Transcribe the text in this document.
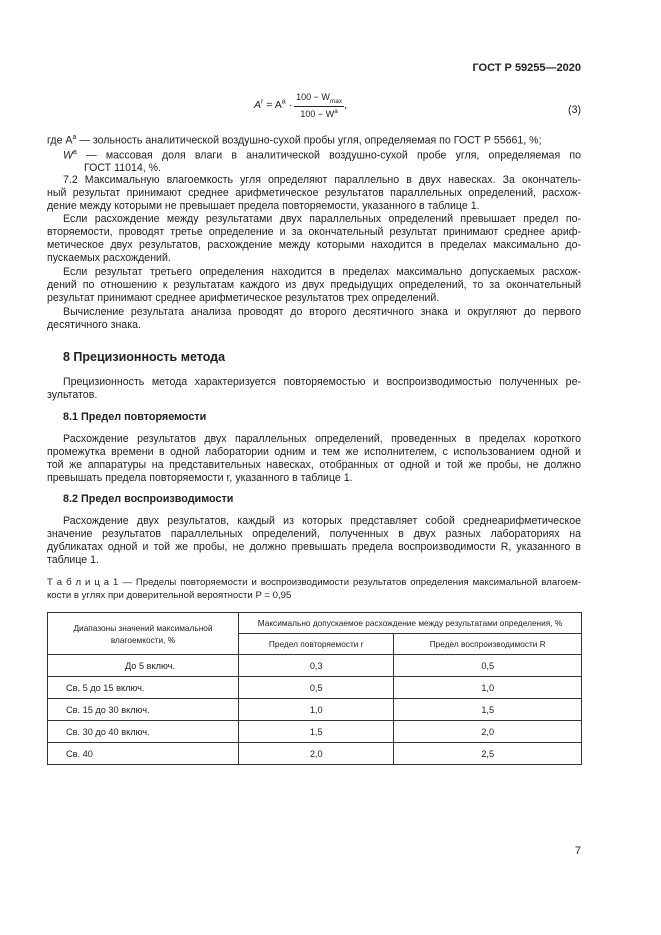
ГОСТ Р 59255—2020
$A^r = A^a \cdot \frac{100 - W_{max}}{100 - W^a}$ ,	(3)
где $A^a$ — зольность аналитической воздушно-сухой пробы угля, определяемая по ГОСТ Р 55661, %;
$W^a$ — массовая доля влаги в аналитической воздушно-сухой пробе угля, определяемая по
ГОСТ 11014, %.
7.2 Максимальную влагоемкость угля определяют параллельно в двух навесках. За окончатель-
ный результат принимают среднее арифметическое результатов параллельных определений, расхож-
дение между которыми не превышает предела повторяемости, указанного в таблице 1.
Если расхождение между результатами двух параллельных определений превышает предел по-
вторяемости, проводят третье определение и за окончательный результат принимают среднее ариф-
метическое двух результатов, расхождение между которыми находится в пределах максимально до-
пускаемых расхождений.
Если результат третьего определения находится в пределах максимально допускаемых расхож-
дений по отношению к результатам каждого из двух предыдущих определений, то за окончательный
результат принимают среднее арифметическое результатов трех определений.
Вычисление результата анализа проводят до второго десятичного знака и округляют до первого
десятичного знака.
8 Прецизионность метода
Прецизионность метода характеризуется повторяемостью и воспроизводимостью полученных ре-
зультатов.
8.1 Предел повторяемости
Расхождение результатов двух параллельных определений, проведенных в пределах короткого
промежутка времени в одной лаборатории одним и тем же исполнителем, с использованием одной и
той же аппаратуры на представительных навесках, отобранных от одной и той же пробы, не должно
превышать предела повторяемости r, указанного в таблице 1.
8.2 Предел воспроизводимости
Расхождение двух результатов, каждый из которых представляет собой среднеарифметическое
значение результатов параллельных определений, полученных в двух разных лабораториях на
дубликатах одной и той же пробы, не должно превышать предела воспроизводимости R, указанного в
таблице 1.
Т а б л и ц а 1 — Пределы повторяемости и воспроизводимости результатов определения максимальной влагоем-
кости в углях при доверительной вероятности P = 0,95
Диапазоны значений максимальной влагоемкости, %	Максимально допускаемое расхождение между результатами определения, %	
	Предел повторяемости r	Предел воспроизводимости R
До 5 включ.	0,3	0,5
Св. 5 до 15 включ.	0,5	1,0
Св. 15 до 30 включ.	1,0	1,5
Св. 30 до 40 включ.	1,5	2,0
Св. 40	2,0	2,5
7
